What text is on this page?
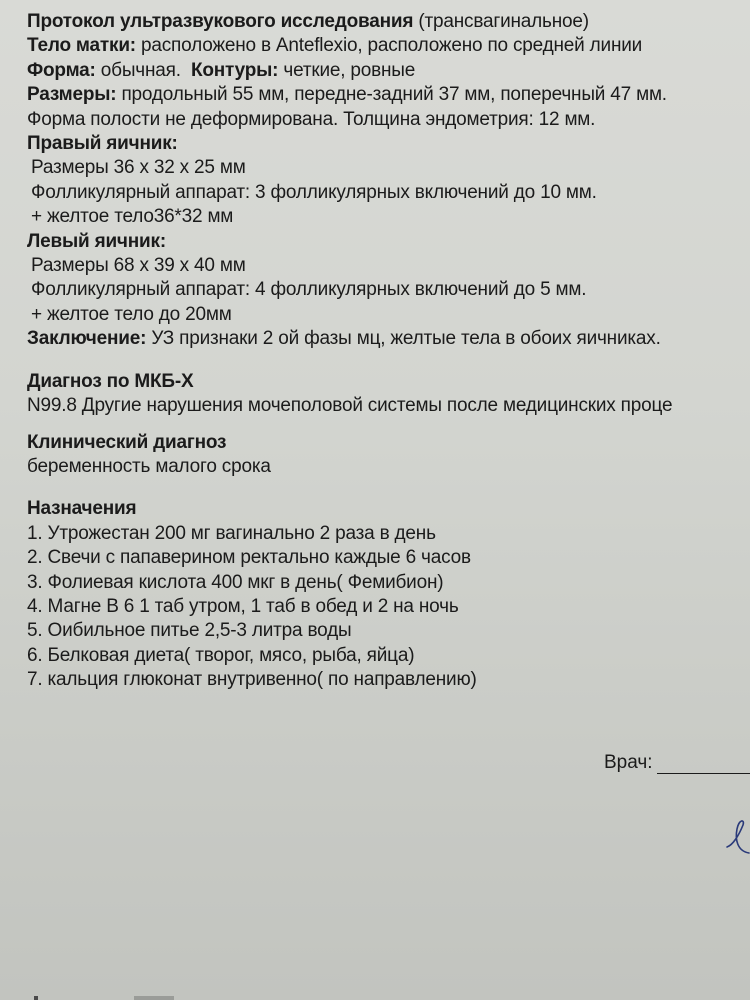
Протокол ультразвукового исследования (трансвагинальное)
Тело матки: расположено в Anteflexio, расположено по средней линии
Форма: обычная.  Контуры: четкие, ровные
Размеры: продольный 55 мм, передне-задний 37 мм, поперечный 47 мм.
Форма полости не деформирована. Толщина эндометрия: 12 мм.
Правый яичник:
Размеры 36 х 32 х 25 мм
Фолликулярный аппарат: 3 фолликулярных включений до 10 мм.
+ желтое тело36*32 мм
Левый яичник:
Размеры 68 х 39 х 40 мм
Фолликулярный аппарат: 4 фолликулярных включений до 5 мм.
+ желтое тело до 20мм
Заключение: УЗ признаки 2 ой фазы мц, желтые тела в обоих яичниках.
Диагноз по МКБ-X
N99.8 Другие нарушения мочеполовой системы после медицинских проце
Клинический диагноз
беременность малого срока
Назначения
1. Утрожестан 200 мг вагинально 2 раза в день
2. Свечи с папаверином ректально каждые 6 часов
3. Фолиевая кислота 400 мкг в день( Фемибион)
4. Магне В 6 1 таб утром, 1 таб в обед и 2 на ночь
5. Оибильное питье 2,5-3 литра воды
6. Белковая диета( творог, мясо, рыба, яйца)
7. кальция глюконат внутривенно( по направлению)
Врач:
